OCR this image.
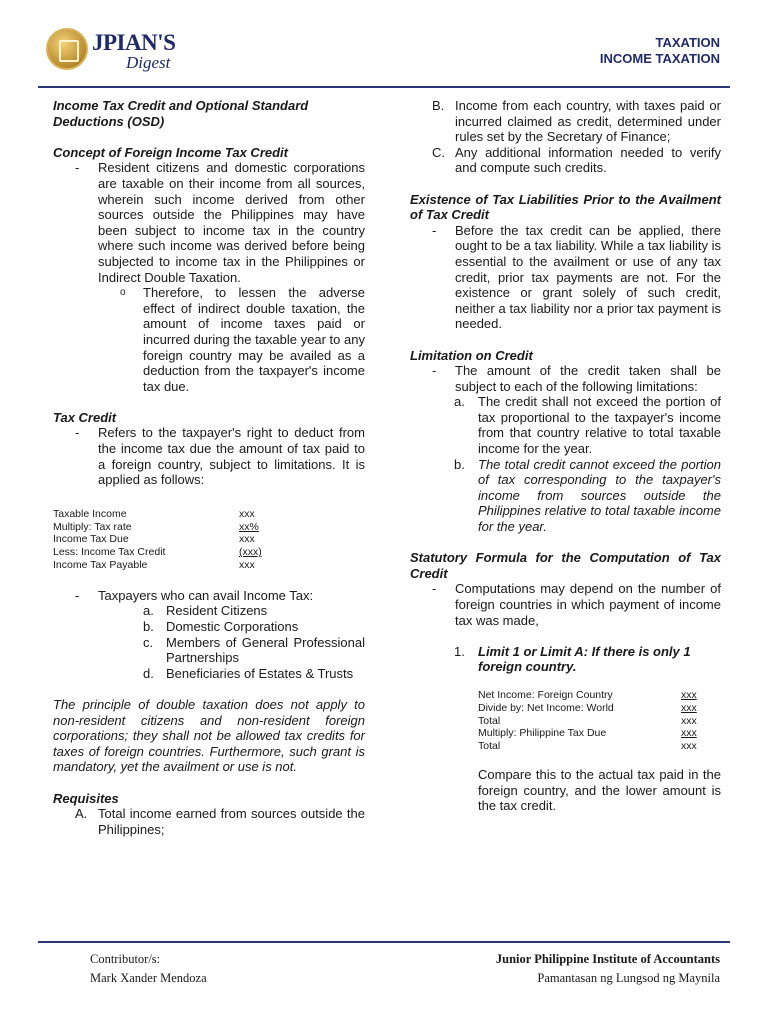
JPIAN'S
Digest
TAXATION
INCOME TAXATION

Income Tax Credit and Optional Standard Deductions (OSD)

Concept of Foreign Income Tax Credit

-	Resident citizens and domestic corporations are taxable on their income from all sources, wherein such income derived from other sources outside the Philippines may have been subject to income tax in the country where such income was derived before being subjected to income tax in the Philippines or Indirect Double Taxation.
o	Therefore, to lessen the adverse effect of indirect double taxation, the amount of income taxes paid or incurred during the taxable year to any foreign country may be availed as a deduction from the taxpayer's income tax due.

Tax Credit

-	Refers to the taxpayer's right to deduct from the income tax due the amount of tax paid to a foreign country, subject to limitations. It is applied as follows:
Taxable Income	xxx
Multiply: Tax rate	xx%
Income Tax Due	xxx
Less: Income Tax Credit	(xxx)
Income Tax Payable	xxx
-	Taxpayers who can avail Income Tax:
a. Resident Citizens
b. Domestic Corporations
c. Members of General Professional Partnerships
d. Beneficiaries of Estates & Trusts

The principle of double taxation does not apply to non-resident citizens and non-resident foreign corporations; they shall not be allowed tax credits for taxes of foreign countries. Furthermore, such grant is mandatory, yet the availment or use is not.

Requisites

A. Total income earned from sources outside the Philippines;
B. Income from each country, with taxes paid or incurred claimed as credit, determined under rules set by the Secretary of Finance;
C. Any additional information needed to verify and compute such credits.

Existence of Tax Liabilities Prior to the Availment of Tax Credit

-	Before the tax credit can be applied, there ought to be a tax liability. While a tax liability is essential to the availment or use of any tax credit, prior tax payments are not. For the existence or grant solely of such credit, neither a tax liability nor a prior tax payment is needed.

Limitation on Credit

-	The amount of the credit taken shall be subject to each of the following limitations:
a.	The credit shall not exceed the portion of tax proportional to the taxpayer's income from that country relative to total taxable income for the year.
b.	The total credit cannot exceed the portion of tax corresponding to the taxpayer's income from sources outside the Philippines relative to total taxable income for the year.

Statutory Formula for the Computation of Tax Credit

-	Computations may depend on the number of foreign countries in which payment of income tax was made,
1.	Limit 1 or Limit A: If there is only 1 foreign country.
Net Income: Foreign Country	xxx
Divide by: Net Income: World	xxx
Total	xxx
Multiply: Philippine Tax Due	xxx
Total	xxx
Compare this to the actual tax paid in the foreign country, and the lower amount is the tax credit.
Contributor/s:
Mark Xander Mendoza
Junior Philippine Institute of Accountants
Pamantasan ng Lungsod ng Maynila
